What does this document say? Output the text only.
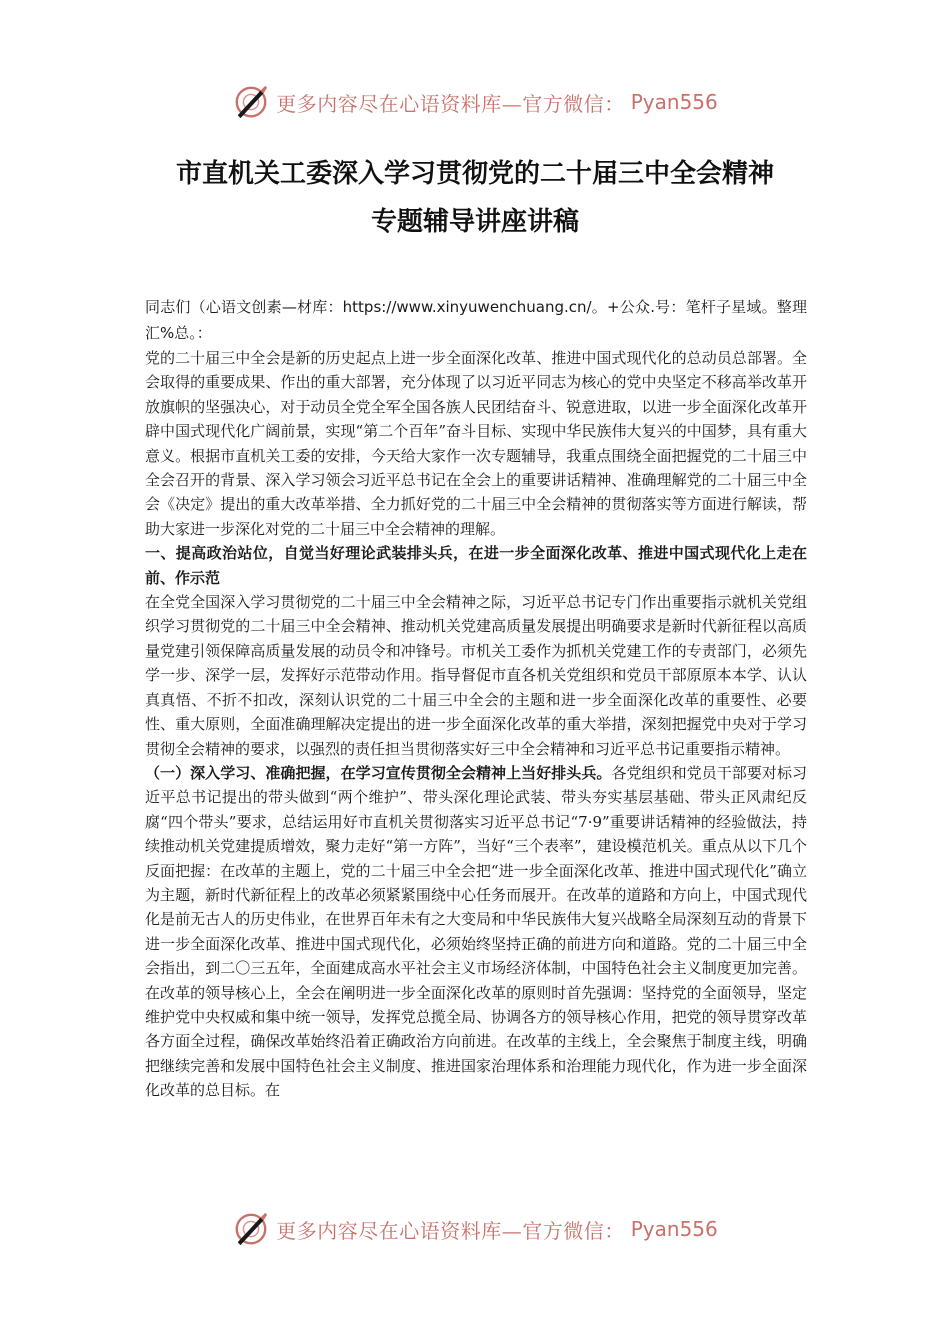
更多内容尽在心语资料库—官方微信： Pyan556
市直机关工委深入学习贯彻党的二十届三中全会精神
专题辅导讲座讲稿

同志们（心语文创素—材库：https://www.xinyuwenchuang.cn/。+公众.号：笔杆子星域。整理汇%总。：

党的二十届三中全会是新的历史起点上进一步全面深化改革、推进中国式现代化的总动员总部署。全会取得的重要成果、作出的重大部署，充分体现了以习近平同志为核心的党中央坚定不移高举改革开放旗帜的坚强决心，对于动员全党全军全国各族人民团结奋斗、锐意进取，以进一步全面深化改革开辟中国式现代化广阔前景，实现“第二个百年”奋斗目标、实现中华民族伟大复兴的中国梦，具有重大意义。根据市直机关工委的安排，今天给大家作一次专题辅导，我重点围绕全面把握党的二十届三中全会召开的背景、深入学习领会习近平总书记在全会上的重要讲话精神、准确理解党的二十届三中全会《决定》提出的重大改革举措、全力抓好党的二十届三中全会精神的贯彻落实等方面进行解读，帮助大家进一步深化对党的二十届三中全会精神的理解。

一、提高政治站位，自觉当好理论武装排头兵，在进一步全面深化改革、推进中国式现代化上走在前、作示范

在全党全国深入学习贯彻党的二十届三中全会精神之际，习近平总书记专门作出重要指示就机关党组织学习贯彻党的二十届三中全会精神、推动机关党建高质量发展提出明确要求是新时代新征程以高质量党建引领保障高质量发展的动员令和冲锋号。市机关工委作为抓机关党建工作的专责部门，必须先学一步、深学一层，发挥好示范带动作用。指导督促市直各机关党组织和党员干部原原本本学、认认真真悟、不折不扣改，深刻认识党的二十届三中全会的主题和进一步全面深化改革的重要性、必要性、重大原则，全面准确理解决定提出的进一步全面深化改革的重大举措，深刻把握党中央对于学习贯彻全会精神的要求，以强烈的责任担当贯彻落实好三中全会精神和习近平总书记重要指示精神。

（一）深入学习、准确把握，在学习宣传贯彻全会精神上当好排头兵。各党组织和党员干部要对标习近平总书记提出的带头做到“两个维护”、带头深化理论武装、带头夯实基层基础、带头正风肃纪反腐“四个带头”要求，总结运用好市直机关贯彻落实习近平总书记“7·9”重要讲话精神的经验做法，持续推动机关党建提质增效，聚力走好“第一方阵”，当好“三个表率”，建设模范机关。重点从以下几个反面把握：在改革的主题上，党的二十届三中全会把“进一步全面深化改革、推进中国式现代化”确立为主题，新时代新征程上的改革必须紧紧围绕中心任务而展开。在改革的道路和方向上，中国式现代化是前无古人的历史伟业，在世界百年未有之大变局和中华民族伟大复兴战略全局深刻互动的背景下进一步全面深化改革、推进中国式现代化，必须始终坚持正确的前进方向和道路。党的二十届三中全会指出，到二〇三五年，全面建成高水平社会主义市场经济体制，中国特色社会主义制度更加完善。在改革的领导核心上，全会在阐明进一步全面深化改革的原则时首先强调：坚持党的全面领导，坚定维护党中央权威和集中统一领导，发挥党总揽全局、协调各方的领导核心作用，把党的领导贯穿改革各方面全过程，确保改革始终沿着正确政治方向前进。在改革的主线上，全会聚焦于制度主线，明确把继续完善和发展中国特色社会主义制度、推进国家治理体系和治理能力现代化，作为进一步全面深化改革的总目标。在

更多内容尽在心语资料库—官方微信： Pyan556
